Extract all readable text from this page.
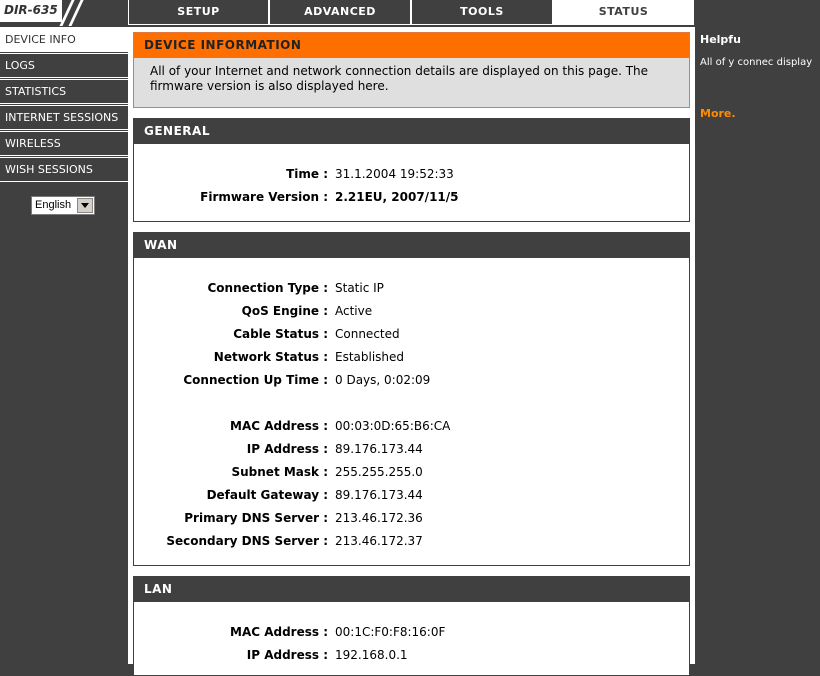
DIR-635	SETUP	ADVANCED	TOOLS	STATUS
DEVICE INFO
LOGS
STATISTICS
INTERNET SESSIONS
WIRELESS
WISH SESSIONS
English
DEVICE INFORMATION
All of your Internet and network connection details are displayed on this page. The firmware version is also displayed here.
GENERAL
Time : 31.1.2004 19:52:33
Firmware Version : 2.21EU, 2007/11/5
WAN
Connection Type : Static IP
QoS Engine : Active
Cable Status : Connected
Network Status : Established
Connection Up Time : 0 Days, 0:02:09
MAC Address : 00:03:0D:65:B6:CA
IP Address : 89.176.173.44
Subnet Mask : 255.255.255.0
Default Gateway : 89.176.173.44
Primary DNS Server : 213.46.172.36
Secondary DNS Server : 213.46.172.37
LAN
MAC Address : 00:1C:F0:F8:16:0F
IP Address : 192.168.0.1
Helpfu
All of y connec display
More.
